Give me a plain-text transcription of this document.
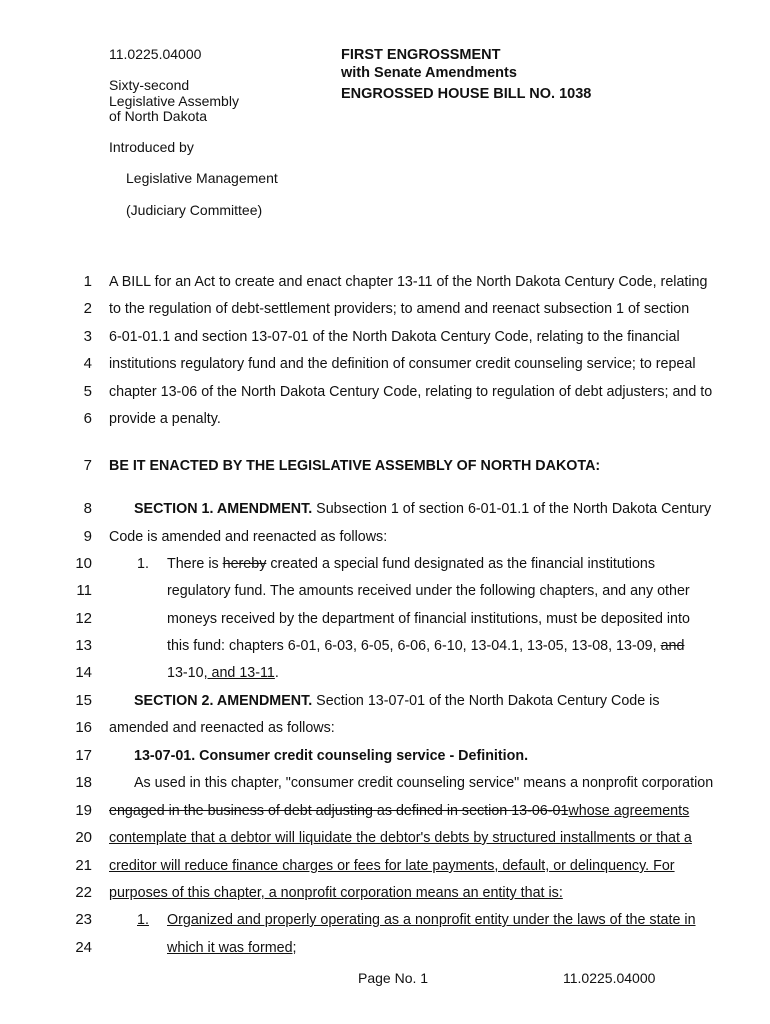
11.0225.04000
Sixty-second
Legislative Assembly
of North Dakota
FIRST ENGROSSMENT
with Senate Amendments
ENGROSSED HOUSE BILL NO. 1038
Introduced by
Legislative Management
(Judiciary Committee)
1 A BILL for an Act to create and enact chapter 13-11 of the North Dakota Century Code, relating
2 to the regulation of debt-settlement providers; to amend and reenact subsection 1 of section
3 6-01-01.1 and section 13-07-01 of the North Dakota Century Code, relating to the financial
4 institutions regulatory fund and the definition of consumer credit counseling service; to repeal
5 chapter 13-06 of the North Dakota Century Code, relating to regulation of debt adjusters; and to
6 provide a penalty.
7 BE IT ENACTED BY THE LEGISLATIVE ASSEMBLY OF NORTH DAKOTA:
8	SECTION 1. AMENDMENT. Subsection 1 of section 6-01-01.1 of the North Dakota Century
9 Code is amended and reenacted as follows:
10	There is hereby created a special fund designated as the financial institutions
11	regulatory fund. The amounts received under the following chapters, and any other
12	moneys received by the department of financial institutions, must be deposited into
13	this fund: chapters 6-01, 6-03, 6-05, 6-06, 6-10, 13-04.1, 13-05, 13-08, 13-09, and
14	13-10, and 13-11.
15	SECTION 2. AMENDMENT. Section 13-07-01 of the North Dakota Century Code is
16 amended and reenacted as follows:
17	13-07-01. Consumer credit counseling service - Definition.
18	As used in this chapter, "consumer credit counseling service" means a nonprofit corporation
19 engaged in the business of debt adjusting as defined in section 13-06-01whose agreements
20 contemplate that a debtor will liquidate the debtor's debts by structured installments or that a
21 creditor will reduce finance charges or fees for late payments, default, or delinquency. For
22 purposes of this chapter, a nonprofit corporation means an entity that is:
23	Organized and properly operating as a nonprofit entity under the laws of the state in
24	which it was formed;
1.
1.
Page No. 1	11.0225.04000
